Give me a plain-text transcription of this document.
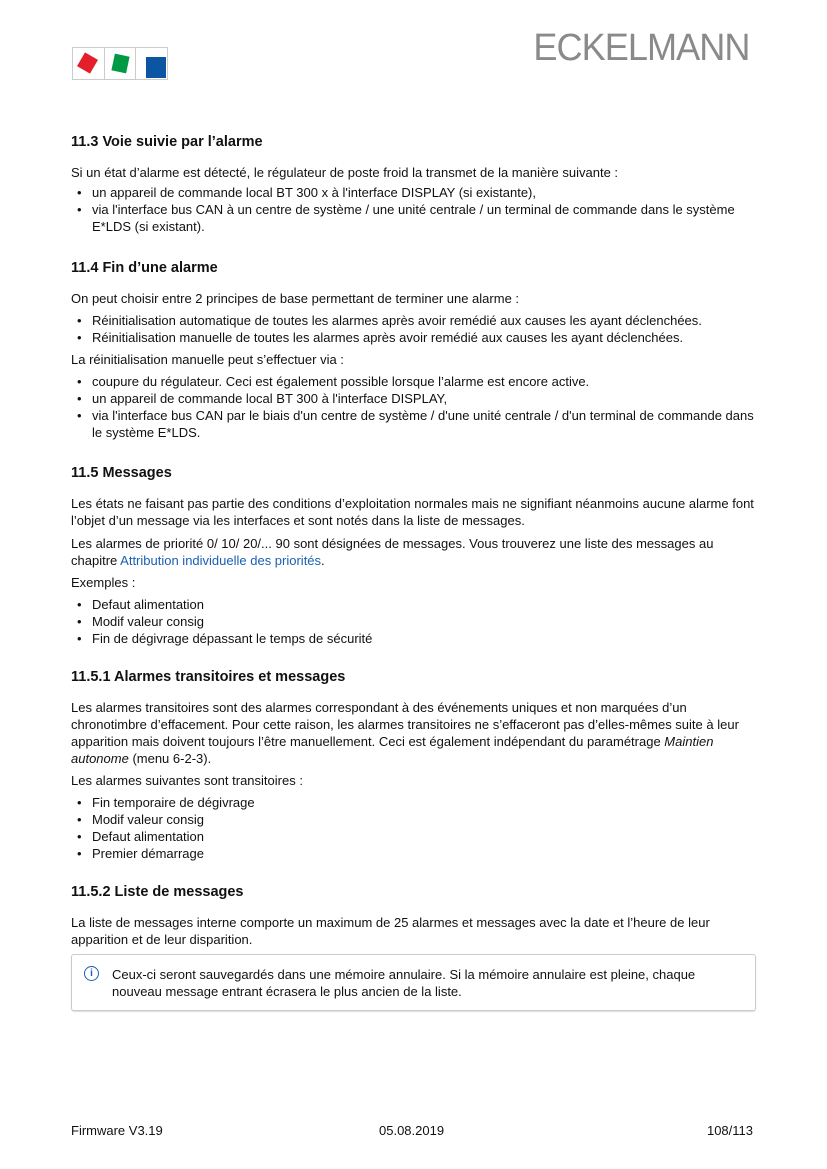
ECKELMANN
11.3 Voie suivie par l’alarme

Si un état d’alarme est détecté, le régulateur de poste froid la transmet de la manière suivante :

• un appareil de commande local BT 300 x à l'interface DISPLAY (si existante),
• via l'interface bus CAN à un centre de système / une unité centrale / un terminal de commande dans le système E*LDS (si existant).
11.4 Fin d’une alarme

On peut choisir entre 2 principes de base permettant de terminer une alarme :

• Réinitialisation automatique de toutes les alarmes après avoir remédié aux causes les ayant déclenchées.
• Réinitialisation manuelle de toutes les alarmes après avoir remédié aux causes les ayant déclenchées.

La réinitialisation manuelle peut s’effectuer via :

• coupure du régulateur. Ceci est également possible lorsque l’alarme est encore active.
• un appareil de commande local BT 300 à l'interface DISPLAY,
• via l'interface bus CAN par le biais d'un centre de système / d'une unité centrale / d'un terminal de commande dans le système E*LDS.
11.5 Messages

Les états ne faisant pas partie des conditions d’exploitation normales mais ne signifiant néanmoins aucune alarme font l’objet d’un message via les interfaces et sont notés dans la liste de messages.

Les alarmes de priorité 0/ 10/ 20/... 90 sont désignées de messages. Vous trouverez une liste des messages au chapitre Attribution individuelle des priorités.

Exemples :

• Defaut alimentation
• Modif valeur consig
• Fin de dégivrage dépassant le temps de sécurité
11.5.1 Alarmes transitoires et messages

Les alarmes transitoires sont des alarmes correspondant à des événements uniques et non marquées d’un chronotimbre d’effacement. Pour cette raison, les alarmes transitoires ne s’effaceront pas d’elles-mêmes suite à leur apparition mais doivent toujours l’être manuellement. Ceci est également indépendant du paramétrage Maintien autonome (menu 6-2-3).

Les alarmes suivantes sont transitoires :

• Fin temporaire de dégivrage
• Modif valeur consig
• Defaut alimentation
• Premier démarrage
11.5.2 Liste de messages

La liste de messages interne comporte un maximum de 25 alarmes et messages avec la date et l’heure de leur apparition et de leur disparition.

i	Ceux-ci seront sauvegardés dans une mémoire annulaire. Si la mémoire annulaire est pleine, chaque nouveau message entrant écrasera le plus ancien de la liste.

Firmware V3.19	05.08.2019	108/113
